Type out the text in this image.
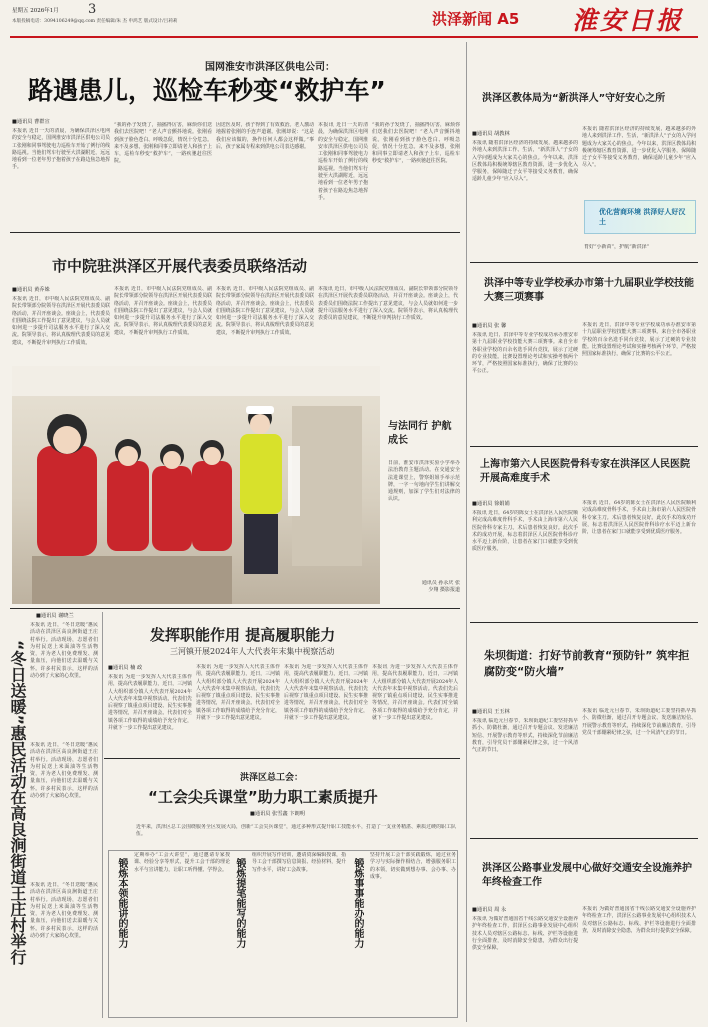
星期五 2026年1月 3
本版投稿电话：3094106249@qq.com 责任编辑/朱 杰 申鸿艺 版式设计/吕莉莉	洪泽新闻 A5 淮安日报
国网淮安市洪泽区供电公司：
路遇患儿，巡检车秒变“救护车”
■通讯员 曹群宣
本报讯 近日一天的清晨，为确保洪泽区电网的安全与稳定，国网淮安市洪泽区供电公司员工张刚和同事驾驶电力巡检车开始了例行的线路巡视。当他们驾车行驶至大洪湖附近，远远地看到一位老年男子抱着孩子在路边焦急地挥手。
“我的孙子发烧了，抽搐得厉害，麻烦你们送我们去医院吧！”老人声音颤抖地说。张刚看到孩子脸色苍白、呼吸急促，情况十分危急。来不及多想，张刚和同事立即请老人和孩子上车，巡检车秒变“救护车”，一路疾驰赶往医院。
因送医及时，孩子得到了有效救治。老人激动地握着张刚的手连声道谢。张刚却说：“这是我们应该做的，换作任何人都会这样做。”事后，孩子家属专程来到供电公司表达感谢。
本报讯 近日一天的清晨，为确保洪泽区电网的安全与稳定，国网淮安市洪泽区供电公司员工张刚和同事驾驶电力巡检车开始了例行的线路巡视。当他们驾车行驶至大洪湖附近，远远地看到一位老年男子抱着孩子在路边焦急地挥手。
“我的孙子发烧了，抽搐得厉害，麻烦你们送我们去医院吧！”老人声音颤抖地说。张刚看到孩子脸色苍白、呼吸急促，情况十分危急。来不及多想，张刚和同事立即请老人和孩子上车，巡检车秒变“救护车”，一路疾驰赶往医院。
洪泽区教体局为“新洪泽人”守好安心之所
■通讯员 胡教林
本报讯 随着洪泽区经济的持续发展，越来越多的外地人来到洪泽工作、生活，“新洪泽人”子女的入学问题成为大家关心的焦点。今年以来，洪泽区教体局积极统筹辖区教育资源，进一步优化入学服务，保障随迁子女平等接受义务教育，确保适龄儿童少年“应入尽入”。
本报讯 随着洪泽区经济的持续发展，越来越多的外地人来到洪泽工作、生活，“新洪泽人”子女的入学问题成为大家关心的焦点。今年以来，洪泽区教体局积极统筹辖区教育资源，进一步优化入学服务，保障随迁子女平等接受义务教育，确保适龄儿童少年“应入尽入”。
优化营商环境 洪泽好人好汉土
育好“小新苗”，护航“新洪泽”
市中院驻洪泽区开展代表委员联络活动
■通讯员 黄乔姝
本报讯 近日，市中级人民法院党组成员、副院长带领部分院领导在洪泽区开展代表委员联络活动，并召开座谈会。座谈会上，代表委员们围绕法院工作提出了意见建议，与会人员就如何进一步提升司法服务水平进行了深入交流。院领导表示，将认真梳理代表委员的意见建议，不断提升审判执行工作质效。
本报讯 近日，市中级人民法院党组成员、副院长带领部分院领导在洪泽区开展代表委员联络活动，并召开座谈会。座谈会上，代表委员们围绕法院工作提出了意见建议，与会人员就如何进一步提升司法服务水平进行了深入交流。院领导表示，将认真梳理代表委员的意见建议，不断提升审判执行工作质效。
本报讯 近日，市中级人民法院党组成员、副院长带领部分院领导在洪泽区开展代表委员联络活动，并召开座谈会。座谈会上，代表委员们围绕法院工作提出了意见建议，与会人员就如何进一步提升司法服务水平进行了深入交流。院领导表示，将认真梳理代表委员的意见建议，不断提升审判执行工作质效。
本报讯 近日，市中级人民法院党组成员、副院长带领部分院领导在洪泽区开展代表委员联络活动，并召开座谈会。座谈会上，代表委员们围绕法院工作提出了意见建议，与会人员就如何进一步提升司法服务水平进行了深入交流。院领导表示，将认真梳理代表委员的意见建议，不断提升审判执行工作质效。
与法同行 护航成长
日前，淮安市洪泽实验小学举办法治教育主题活动。在交通安全法进课堂上，警察姐姐手举示范牌，一字一句地向学生们讲解交通规则，加深了学生们对法律的认识。
通讯员 孙永庆 张少翔 摄影报道
洪泽中等专业学校承办市第十九届职业学校技能大赛三项赛事
■通讯员 张 馨
本报讯 近日，洪泽中等专业学校成功承办淮安市第十九届职业学校技能大赛三项赛事。来自全市各职业学校的百余名选手同台竞技，展示了过硬的专业技能。比赛设置理论考试和实操考核两个环节，严格按照国家标准执行，确保了比赛的公平公正。
本报讯 近日，洪泽中等专业学校成功承办淮安市第十九届职业学校技能大赛三项赛事。来自全市各职业学校的百余名选手同台竞技，展示了过硬的专业技能。比赛设置理论考试和实操考核两个环节，严格按照国家标准执行，确保了比赛的公平公正。
上海市第六人民医院骨科专家在洪泽区人民医院开展高难度手术
■通讯员 徐娟娟
本报讯 近日，64岁的陈女士在洪泽区人民医院顺利完成高难度骨科手术，手术由上海市第六人民医院骨科专家主刀。术后患者恢复良好。此次手术的成功开展，标志着洪泽区人民医院骨科诊疗水平迈上新台阶，让患者在家门口就能享受到优质医疗服务。
本报讯 近日，64岁的陈女士在洪泽区人民医院顺利完成高难度骨科手术，手术由上海市第六人民医院骨科专家主刀。术后患者恢复良好。此次手术的成功开展，标志着洪泽区人民医院骨科诊疗水平迈上新台阶，让患者在家门口就能享受到优质医疗服务。
■通讯员 谢晓兰
“冬日送暖”惠民活动在高良涧街道王庄村举行
本报讯 近日，“冬日送暖”惠民活动在洪泽区高良涧街道王庄村举行。活动现场，志愿者们为村民送上米面油等生活物资，并为老人们免费理发、测量血压，向他们送去温暖与关怀。许多村民表示，这样的活动办到了大家的心坎里。
本报讯 近日，“冬日送暖”惠民活动在洪泽区高良涧街道王庄村举行。活动现场，志愿者们为村民送上米面油等生活物资，并为老人们免费理发、测量血压，向他们送去温暖与关怀。许多村民表示，这样的活动办到了大家的心坎里。
本报讯 近日，“冬日送暖”惠民活动在洪泽区高良涧街道王庄村举行。活动现场，志愿者们为村民送上米面油等生活物资，并为老人们免费理发、测量血压，向他们送去温暖与关怀。许多村民表示，这样的活动办到了大家的心坎里。
发挥职能作用 提高履职能力
三河镇开展2024年人大代表年末集中视察活动
■通讯员 楠 政
本报讯 为进一步发挥人大代表主体作用，提高代表履职能力，近日，三河镇人大组织部分镇人大代表开展2024年人大代表年末集中视察活动。代表们先后视察了镇重点项目建设、民生实事推进等情况，并召开座谈会。代表们对全镇各项工作取得的成绩给予充分肯定，并就下一步工作提出意见建议。
本报讯 为进一步发挥人大代表主体作用，提高代表履职能力，近日，三河镇人大组织部分镇人大代表开展2024年人大代表年末集中视察活动。代表们先后视察了镇重点项目建设、民生实事推进等情况，并召开座谈会。代表们对全镇各项工作取得的成绩给予充分肯定，并就下一步工作提出意见建议。
本报讯 为进一步发挥人大代表主体作用，提高代表履职能力，近日，三河镇人大组织部分镇人大代表开展2024年人大代表年末集中视察活动。代表们先后视察了镇重点项目建设、民生实事推进等情况，并召开座谈会。代表们对全镇各项工作取得的成绩给予充分肯定，并就下一步工作提出意见建议。
本报讯 为进一步发挥人大代表主体作用，提高代表履职能力，近日，三河镇人大组织部分镇人大代表开展2024年人大代表年末集中视察活动。代表们先后视察了镇重点项目建设、民生实事推进等情况，并召开座谈会。代表们对全镇各项工作取得的成绩给予充分肯定，并就下一步工作提出意见建议。
朱坝街道：打好节前教育“预防针” 筑牢拒腐防变“防火墙”
■通讯员 王玉林
本报讯 临近元旦春节，朱坝街道纪工委坚持抓早抓小、防微杜渐，通过召开专题会议、发送廉洁短信、开展警示教育等形式，持续深化节前廉洁教育，引导党员干部绷紧纪律之弦，过一个风清气正的节日。
本报讯 临近元旦春节，朱坝街道纪工委坚持抓早抓小、防微杜渐，通过召开专题会议、发送廉洁短信、开展警示教育等形式，持续深化节前廉洁教育，引导党员干部绷紧纪律之弦，过一个风清气正的节日。
洪泽区总工会：
“工会尖兵课堂”助力职工素质提升
■通讯员 张雪鑫 卞朗明
近年来，洪泽区总工会围绕服务全区发展大局，创新“工会尖兵课堂”，通过多种形式提升职工技能水平，打造了一支业务精湛、素质过硬的职工队伍。
锻炼本领能讲的能力
定期举办“工会大讲堂”，通过邀请专家授课、经验分享等形式，提升工会干部的理论水平与宣讲能力，让职工听得懂、学得会。 锻炼提笔能写的能力
组织开展写作培训，邀请资深编辑授课，指导工会干部撰写信息简报、经验材料，提升写作水平，讲好工会故事。	锻炼事事能办的能力
坚持开展工会干部实践锻炼，通过业务学习与实际操作相结合，增强服务职工的本领，切实做到想办事、会办事、办成事。
洪泽区公路事业发展中心做好交通安全设施养护年终检查工作
■通讯员 周 永
本报讯 为做好普通国省干线公路交通安全设施养护年终检查工作，洪泽区公路事业发展中心组织技术人员对辖区公路标志、标线、护栏等设施进行全面排查，及时消除安全隐患，为群众出行提供安全保障。
本报讯 为做好普通国省干线公路交通安全设施养护年终检查工作，洪泽区公路事业发展中心组织技术人员对辖区公路标志、标线、护栏等设施进行全面排查，及时消除安全隐患，为群众出行提供安全保障。
